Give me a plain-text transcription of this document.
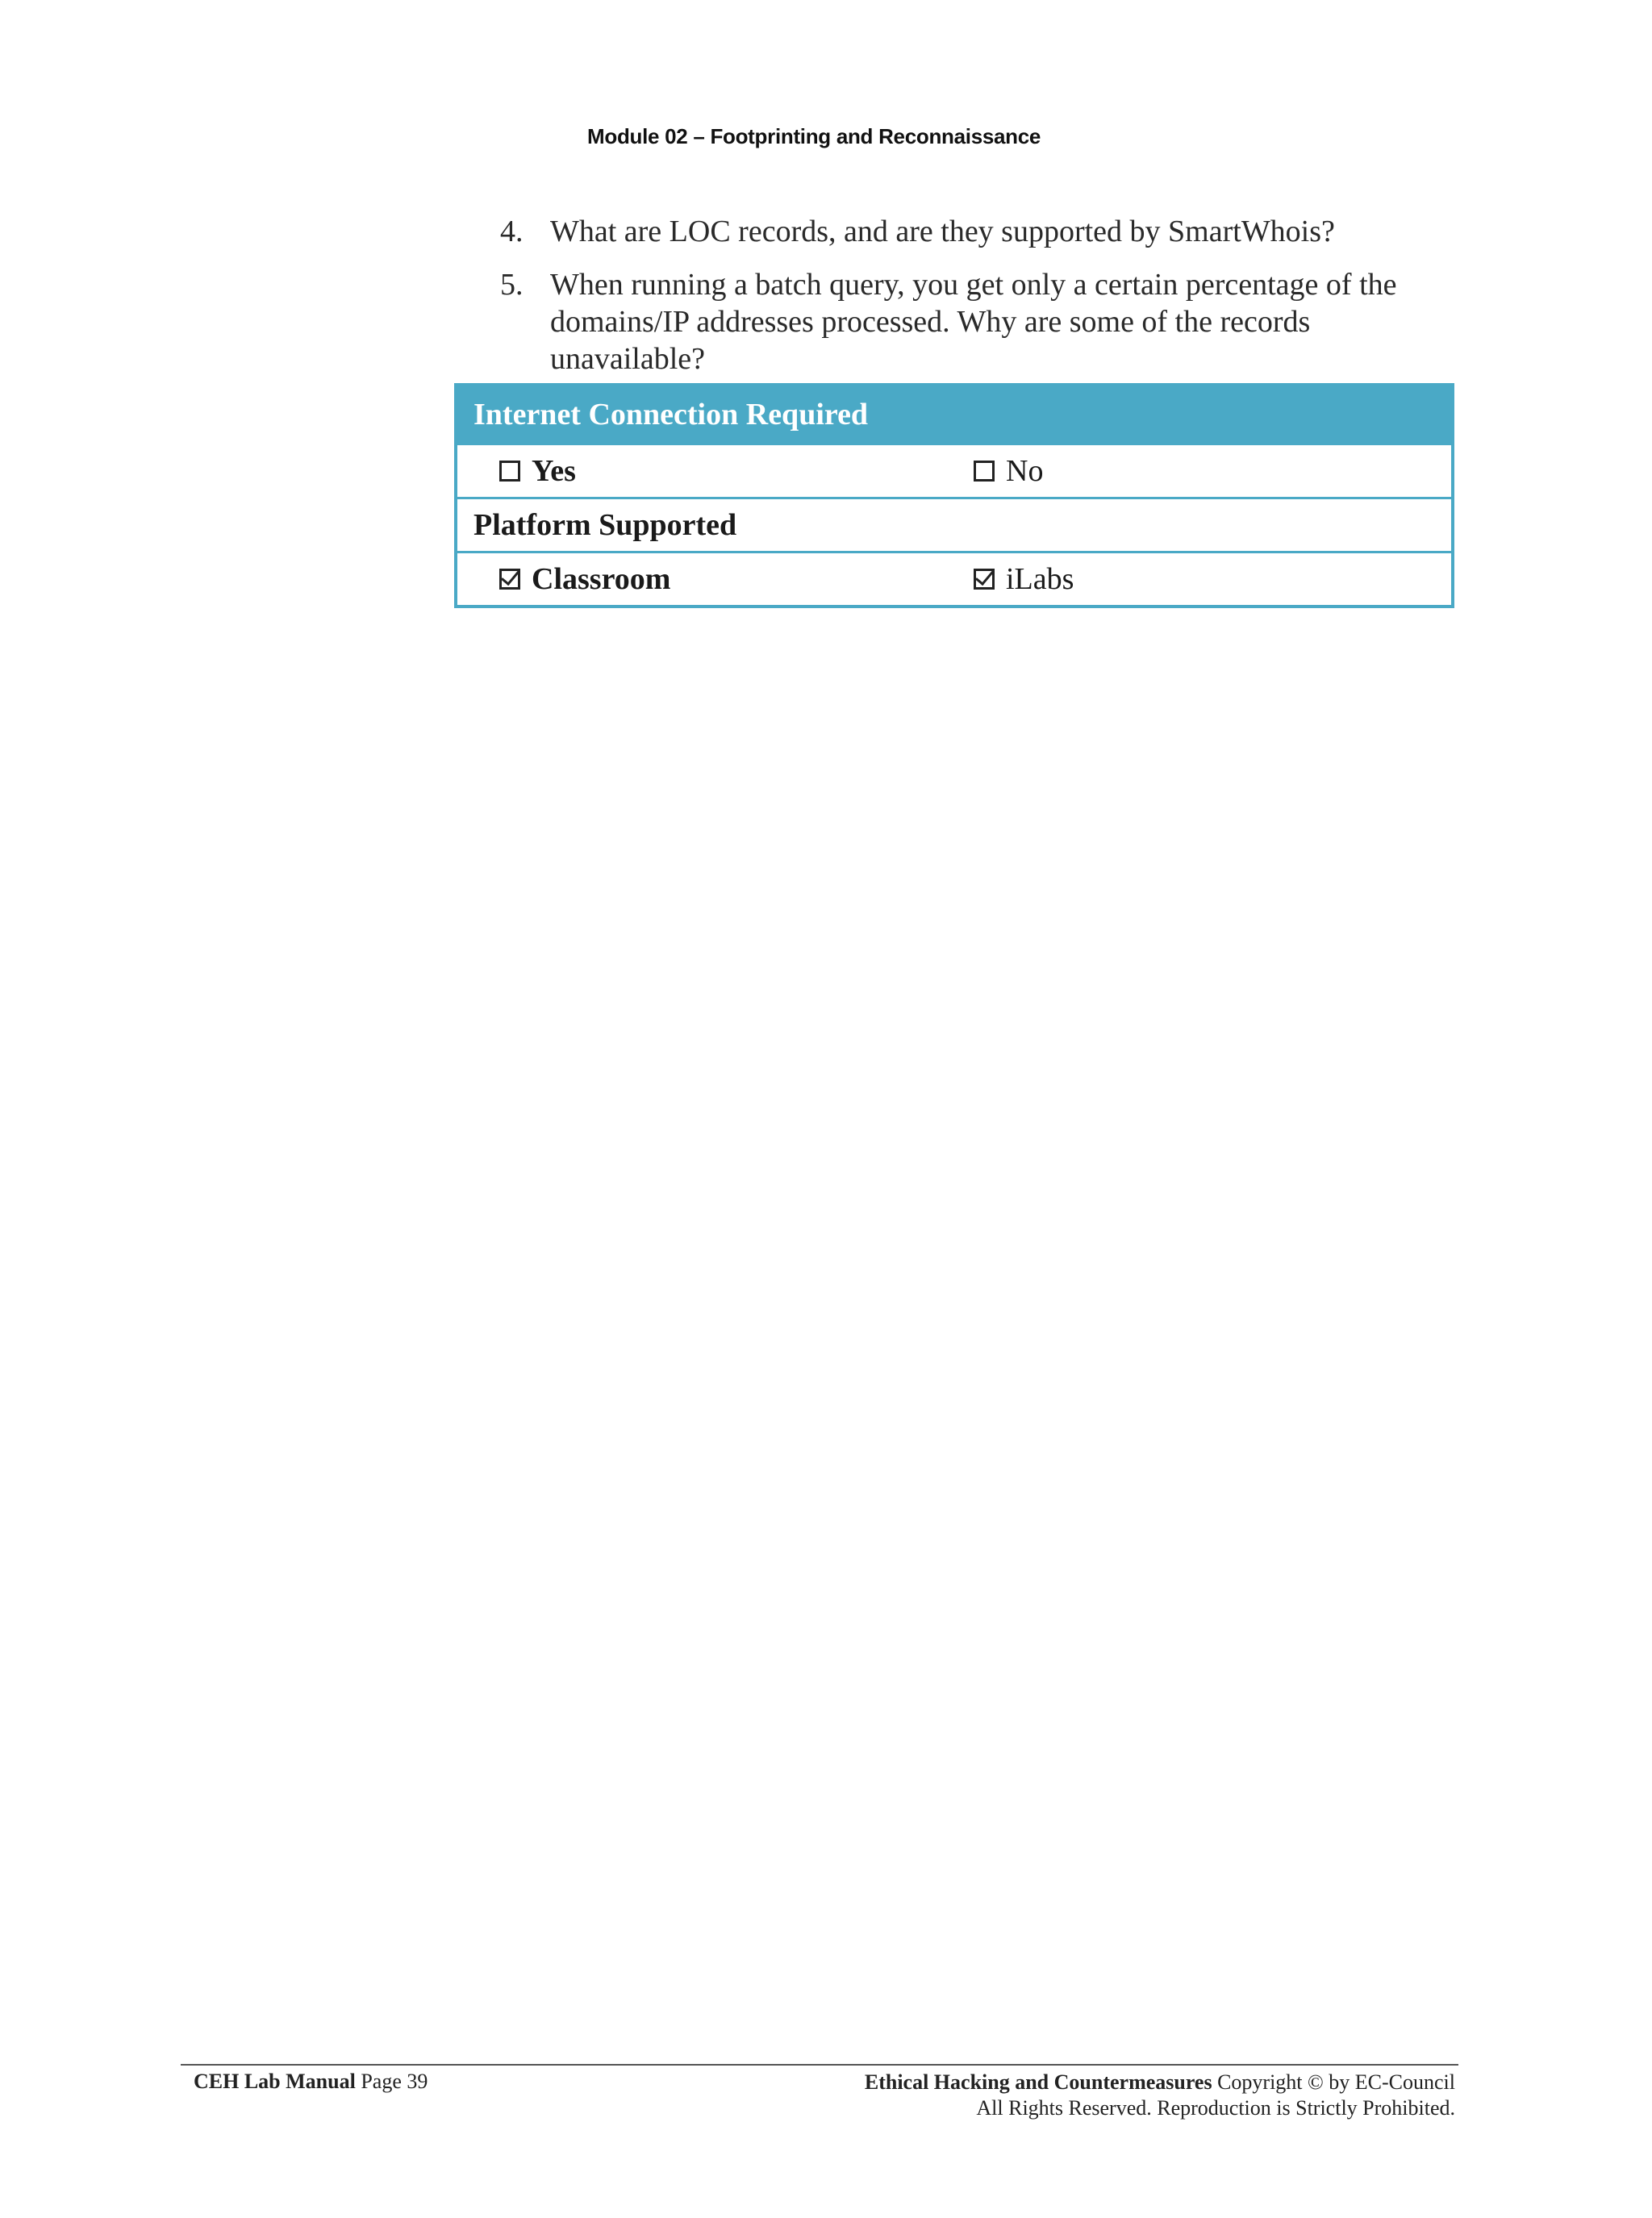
Module 02 – Footprinting and Reconnaissance
4. What are LOC records, and are they supported by SmartWhois?
5. When running a batch query, you get only a certain percentage of the domains/IP addresses processed. Why are some of the records unavailable?
Internet Connection Required
Yes	No
Platform Supported
Classroom	iLabs
CEH Lab Manual Page 39	Ethical Hacking and Countermeasures Copyright © by EC-Council
All Rights Reserved. Reproduction is Strictly Prohibited.
